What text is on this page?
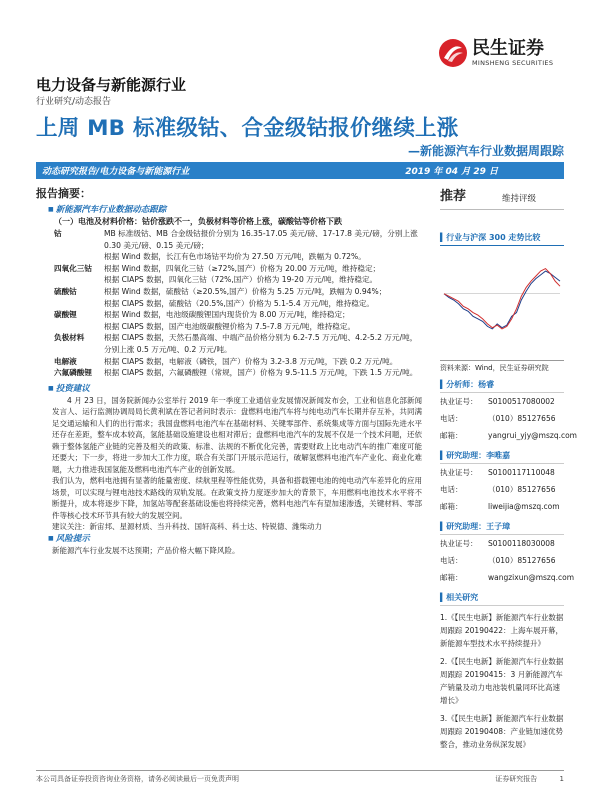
民生证券
MINSHENG SECURITIES
电力设备与新能源行业
行业研究/动态报告
上周 MB 标准级钴、合金级钴报价继续上涨
—新能源汽车行业数据周跟踪
动态研究报告/电力设备与新能源行业	2019 年 04 月 29 日
报告摘要：
■ 新能源汽车行业数据动态跟踪
（一）电池及材料价格：钴价涨跌不一，负极材料等价格上涨，碳酸钴等价格下跌
钴	MB 标准级钴、MB 合金级钴报价分别为 16.35-17.05 美元/磅、17-17.8 美元/磅，分别上涨 0.30 美元/磅、0.15 美元/磅；

根据 Wind 数据，长江有色市场钴平均价为 27.50 万元/吨，跌幅为 0.72%。

四氧化三钴	根据 Wind 数据，四氧化三钴（≥72%,国产）价格为 20.00 万元/吨，维持稳定；

根据 CIAPS 数据，四氧化三钴（72%,国产）价格为 19-20 万元/吨，维持稳定。

硫酸钴	根据 Wind 数据，硫酸钴（≥20.5%,国产）价格为 5.25 万元/吨，跌幅为 0.94%；

根据 CIAPS 数据，硫酸钴（20.5%,国产）价格为 5.1-5.4 万元/吨，维持稳定。

碳酸锂	根据 Wind 数据，电池级碳酸锂国内现货价为 8.00 万元/吨，维持稳定；

根据 CIAPS 数据，国产电池级碳酸锂价格为 7.5-7.8 万元/吨，维持稳定。

负极材料	根据 CIAPS 数据，天然石墨高端、中端产品价格分别为 6.2-7.5 万元/吨、4.2-5.2 万元/吨，分别上涨 0.5 万元/吨、0.2 万元/吨。

电解液	根据 CIAPS 数据，电解液（磷铁，国产）价格为 3.2-3.8 万元/吨，下跌 0.2 万元/吨。

六氟磷酸锂	根据 CIAPS 数据，六氟磷酸锂（常规，国产）价格为 9.5-11.5 万元/吨，下跌 1.5 万元/吨。

■ 投资建议
4 月 23 日，国务院新闻办公室举行 2019 年一季度工业通信业发展情况新闻发布会，工业和信息化部新闻发言人、运行监测协调局局长黄利斌在答记者问时表示：盘燃料电池汽车将与纯电动汽车长期并存互补，共同满足交通运输和人们的出行需求；我国盘燃料电池汽车在基础材料、关键零部件、系统集成等方面与国际先进水平还存在差距，整车成本较高，氢能基础设施建设也相对滞后；盘燃料电池汽车的发展不仅是一个技术问题，还依赖于整体氢能产业链的完善及相关的政策、标准、法规的不断优化完善，需要财政上比电动汽车的推广难度可能还要大；下一步，将进一步加大工作力度，联合有关部门开展示范运行，破解氢燃料电池汽车产业化、商业化难题，大力推进我国氢能及燃料电池汽车产业的创新发展。
我们认为，燃料电池拥有显著的能量密度、续航里程等性能优势，具备和搭载锂电池的纯电动汽车差异化的应用场景，可以实现与锂电池技术路线的双轨发展。在政策支持力度逐步加大的背景下，车用燃料电池技术水平将不断提升，成本将逐步下降，加氢站等配套基础设施也将持续完善，燃料电池汽车有望加速渗透，关键材料、零部件等核心技术环节具有较大的发展空间。
建议关注：新宙邦、星源材质、当升科技、国轩高科、科士达、特锐德、潍柴动力
■ 风险提示
新能源汽车行业发展不达预期；产品价格大幅下降风险。
推荐	维持评级
▍ 行业与沪深 300 走势比较
资料来源：Wind，民生证券研究院
▍ 分析师：杨睿
执业证号：	S0100517080002
电话：	（010）85127656
邮箱：	yangrui_yjy@mszq.com
▍ 研究助理：李唯嘉
执业证号：	S0100117110048
电话：	（010）85127656
邮箱：	liweijia@mszq.com
▍ 研究助理：王子璋
执业证号：	S0100118030008
电话：	（010）85127656
邮箱：	wangzixun@mszq.com
▍ 相关研究
1.《【民生电新】新能源汽车行业数据周跟踪 20190422：上海车展开幕，新能源车型技术水平持续提升》
2.《【民生电新】新能源汽车行业数据周跟踪 20190415：3 月新能源汽车产销量及动力电池装机量同环比高速增长》
3.《【民生电新】新能源汽车行业数据周跟踪 20190408：产业链加速优势整合，推动业务纵深发展》
本公司具备证券投资咨询业务资格，请务必阅读最后一页免责声明	证券研究报告	1
